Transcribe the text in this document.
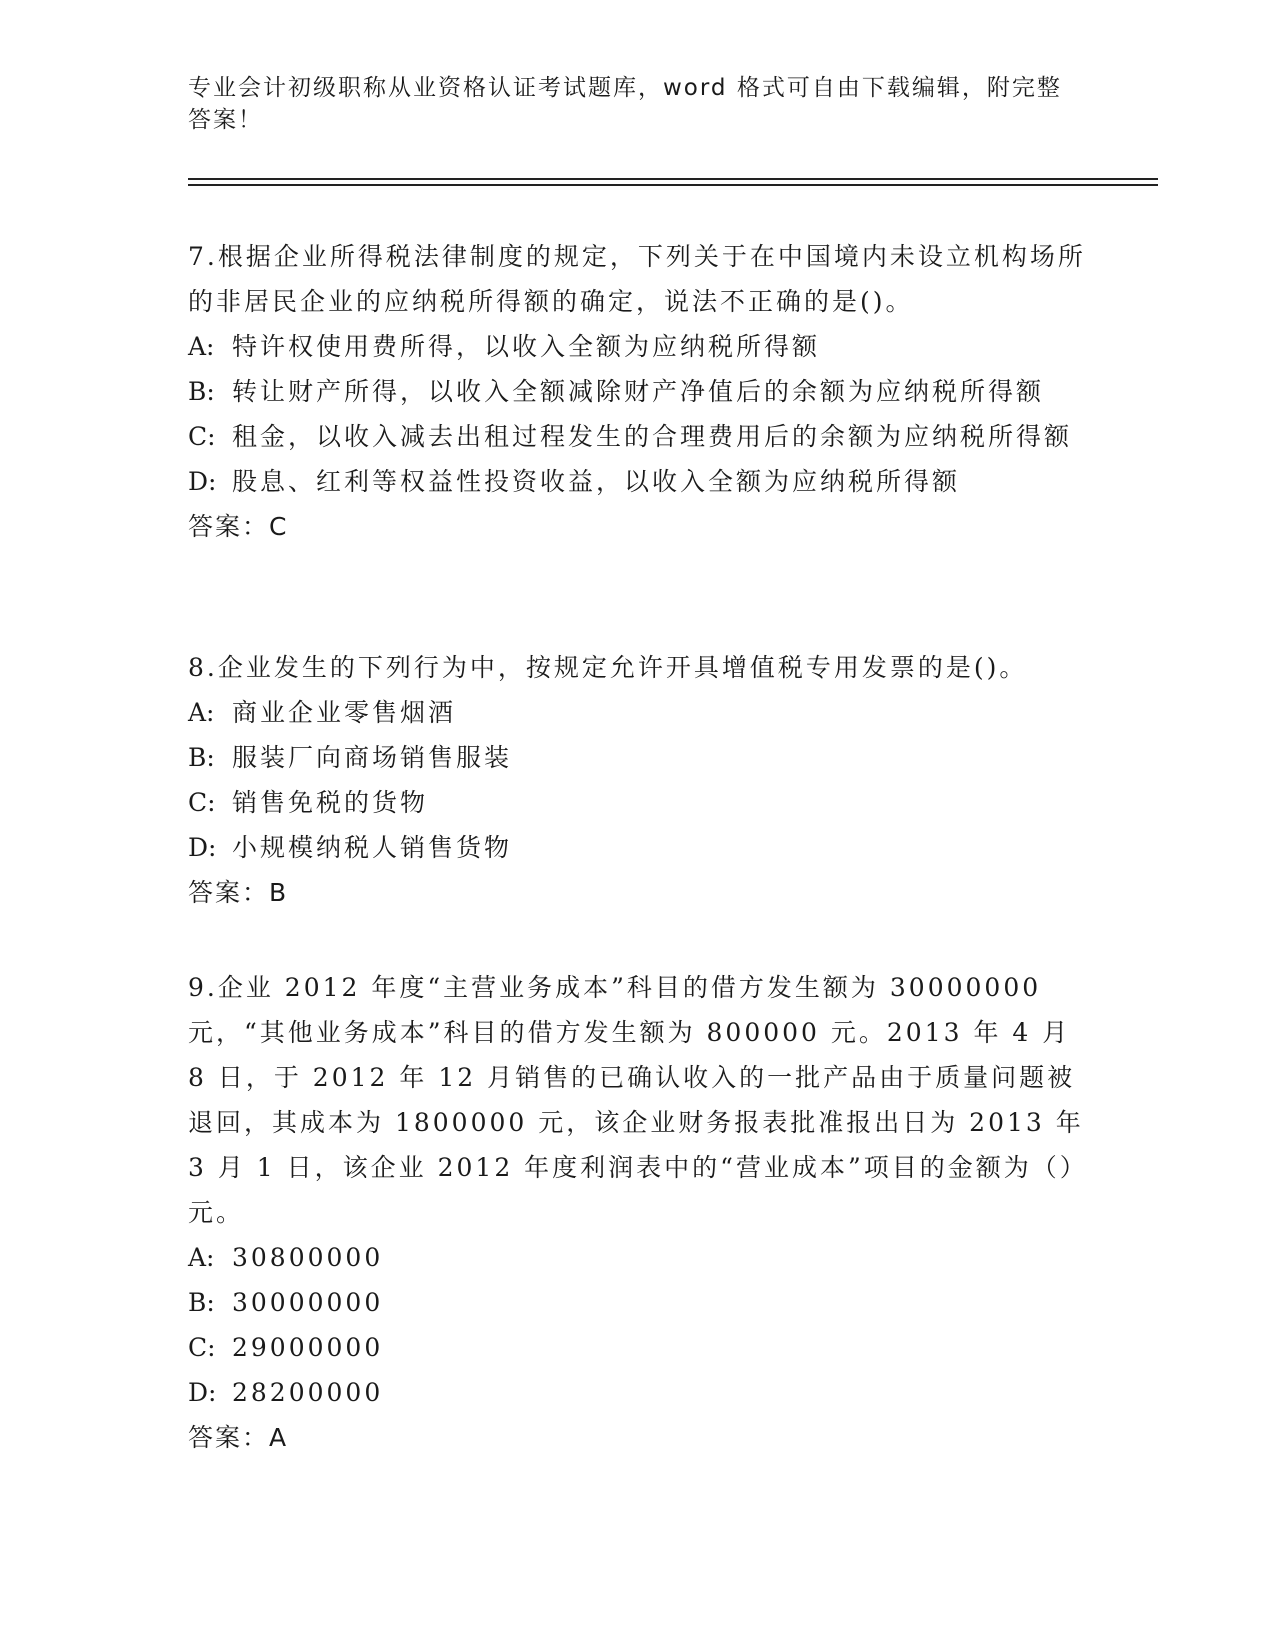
专业会计初级职称从业资格认证考试题库，word 格式可自由下载编辑，附完整答案！

7.根据企业所得税法律制度的规定，下列关于在中国境内未设立机构场所的非居民企业的应纳税所得额的确定，说法不正确的是()。

A: 特许权使用费所得，以收入全额为应纳税所得额
B: 转让财产所得，以收入全额减除财产净值后的余额为应纳税所得额
C: 租金，以收入减去出租过程发生的合理费用后的余额为应纳税所得额
D: 股息、红利等权益性投资收益，以收入全额为应纳税所得额

答案：C

8.企业发生的下列行为中，按规定允许开具增值税专用发票的是()。

A: 商业企业零售烟酒
B: 服装厂向商场销售服装
C: 销售免税的货物
D: 小规模纳税人销售货物

答案：B

9.企业 2012 年度“主营业务成本”科目的借方发生额为 30000000 元，“其他业务成本”科目的借方发生额为 800000 元。2013 年 4 月 8 日，于 2012 年 12 月销售的已确认收入的一批产品由于质量问题被退回，其成本为 1800000 元，该企业财务报表批准报出日为 2013 年 3 月 1 日，该企业 2012 年度利润表中的“营业成本”项目的金额为（）元。

A: 30800000
B: 30000000
C: 29000000
D: 28200000

答案：A
